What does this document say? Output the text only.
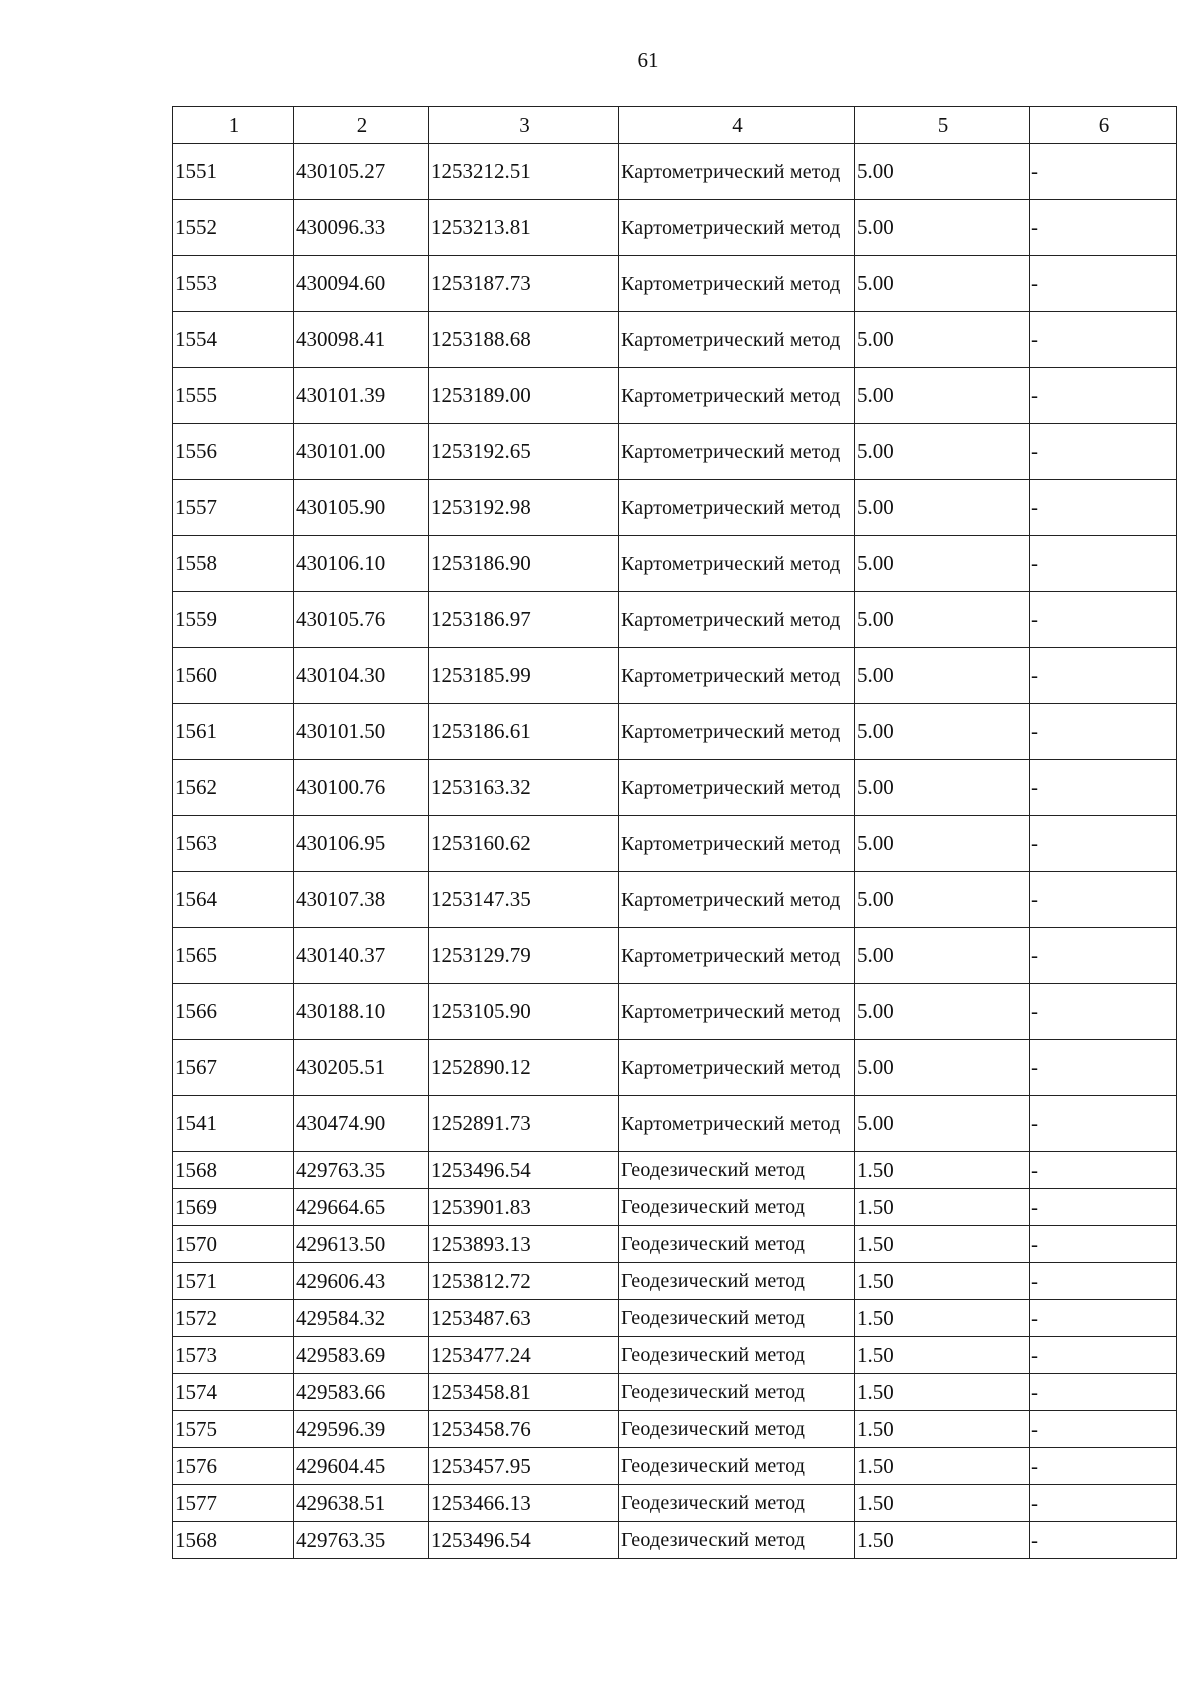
61
1	2	3	4	5	6
1551	430105.27	1253212.51	Картометрический метод	5.00	-
1552	430096.33	1253213.81	Картометрический метод	5.00	-
1553	430094.60	1253187.73	Картометрический метод	5.00	-
1554	430098.41	1253188.68	Картометрический метод	5.00	-
1555	430101.39	1253189.00	Картометрический метод	5.00	-
1556	430101.00	1253192.65	Картометрический метод	5.00	-
1557	430105.90	1253192.98	Картометрический метод	5.00	-
1558	430106.10	1253186.90	Картометрический метод	5.00	-
1559	430105.76	1253186.97	Картометрический метод	5.00	-
1560	430104.30	1253185.99	Картометрический метод	5.00	-
1561	430101.50	1253186.61	Картометрический метод	5.00	-
1562	430100.76	1253163.32	Картометрический метод	5.00	-
1563	430106.95	1253160.62	Картометрический метод	5.00	-
1564	430107.38	1253147.35	Картометрический метод	5.00	-
1565	430140.37	1253129.79	Картометрический метод	5.00	-
1566	430188.10	1253105.90	Картометрический метод	5.00	-
1567	430205.51	1252890.12	Картометрический метод	5.00	-
1541	430474.90	1252891.73	Картометрический метод	5.00	-
1568	429763.35	1253496.54	Геодезический метод	1.50	-
1569	429664.65	1253901.83	Геодезический метод	1.50	-
1570	429613.50	1253893.13	Геодезический метод	1.50	-
1571	429606.43	1253812.72	Геодезический метод	1.50	-
1572	429584.32	1253487.63	Геодезический метод	1.50	-
1573	429583.69	1253477.24	Геодезический метод	1.50	-
1574	429583.66	1253458.81	Геодезический метод	1.50	-
1575	429596.39	1253458.76	Геодезический метод	1.50	-
1576	429604.45	1253457.95	Геодезический метод	1.50	-
1577	429638.51	1253466.13	Геодезический метод	1.50	-
1568	429763.35	1253496.54	Геодезический метод	1.50	-
